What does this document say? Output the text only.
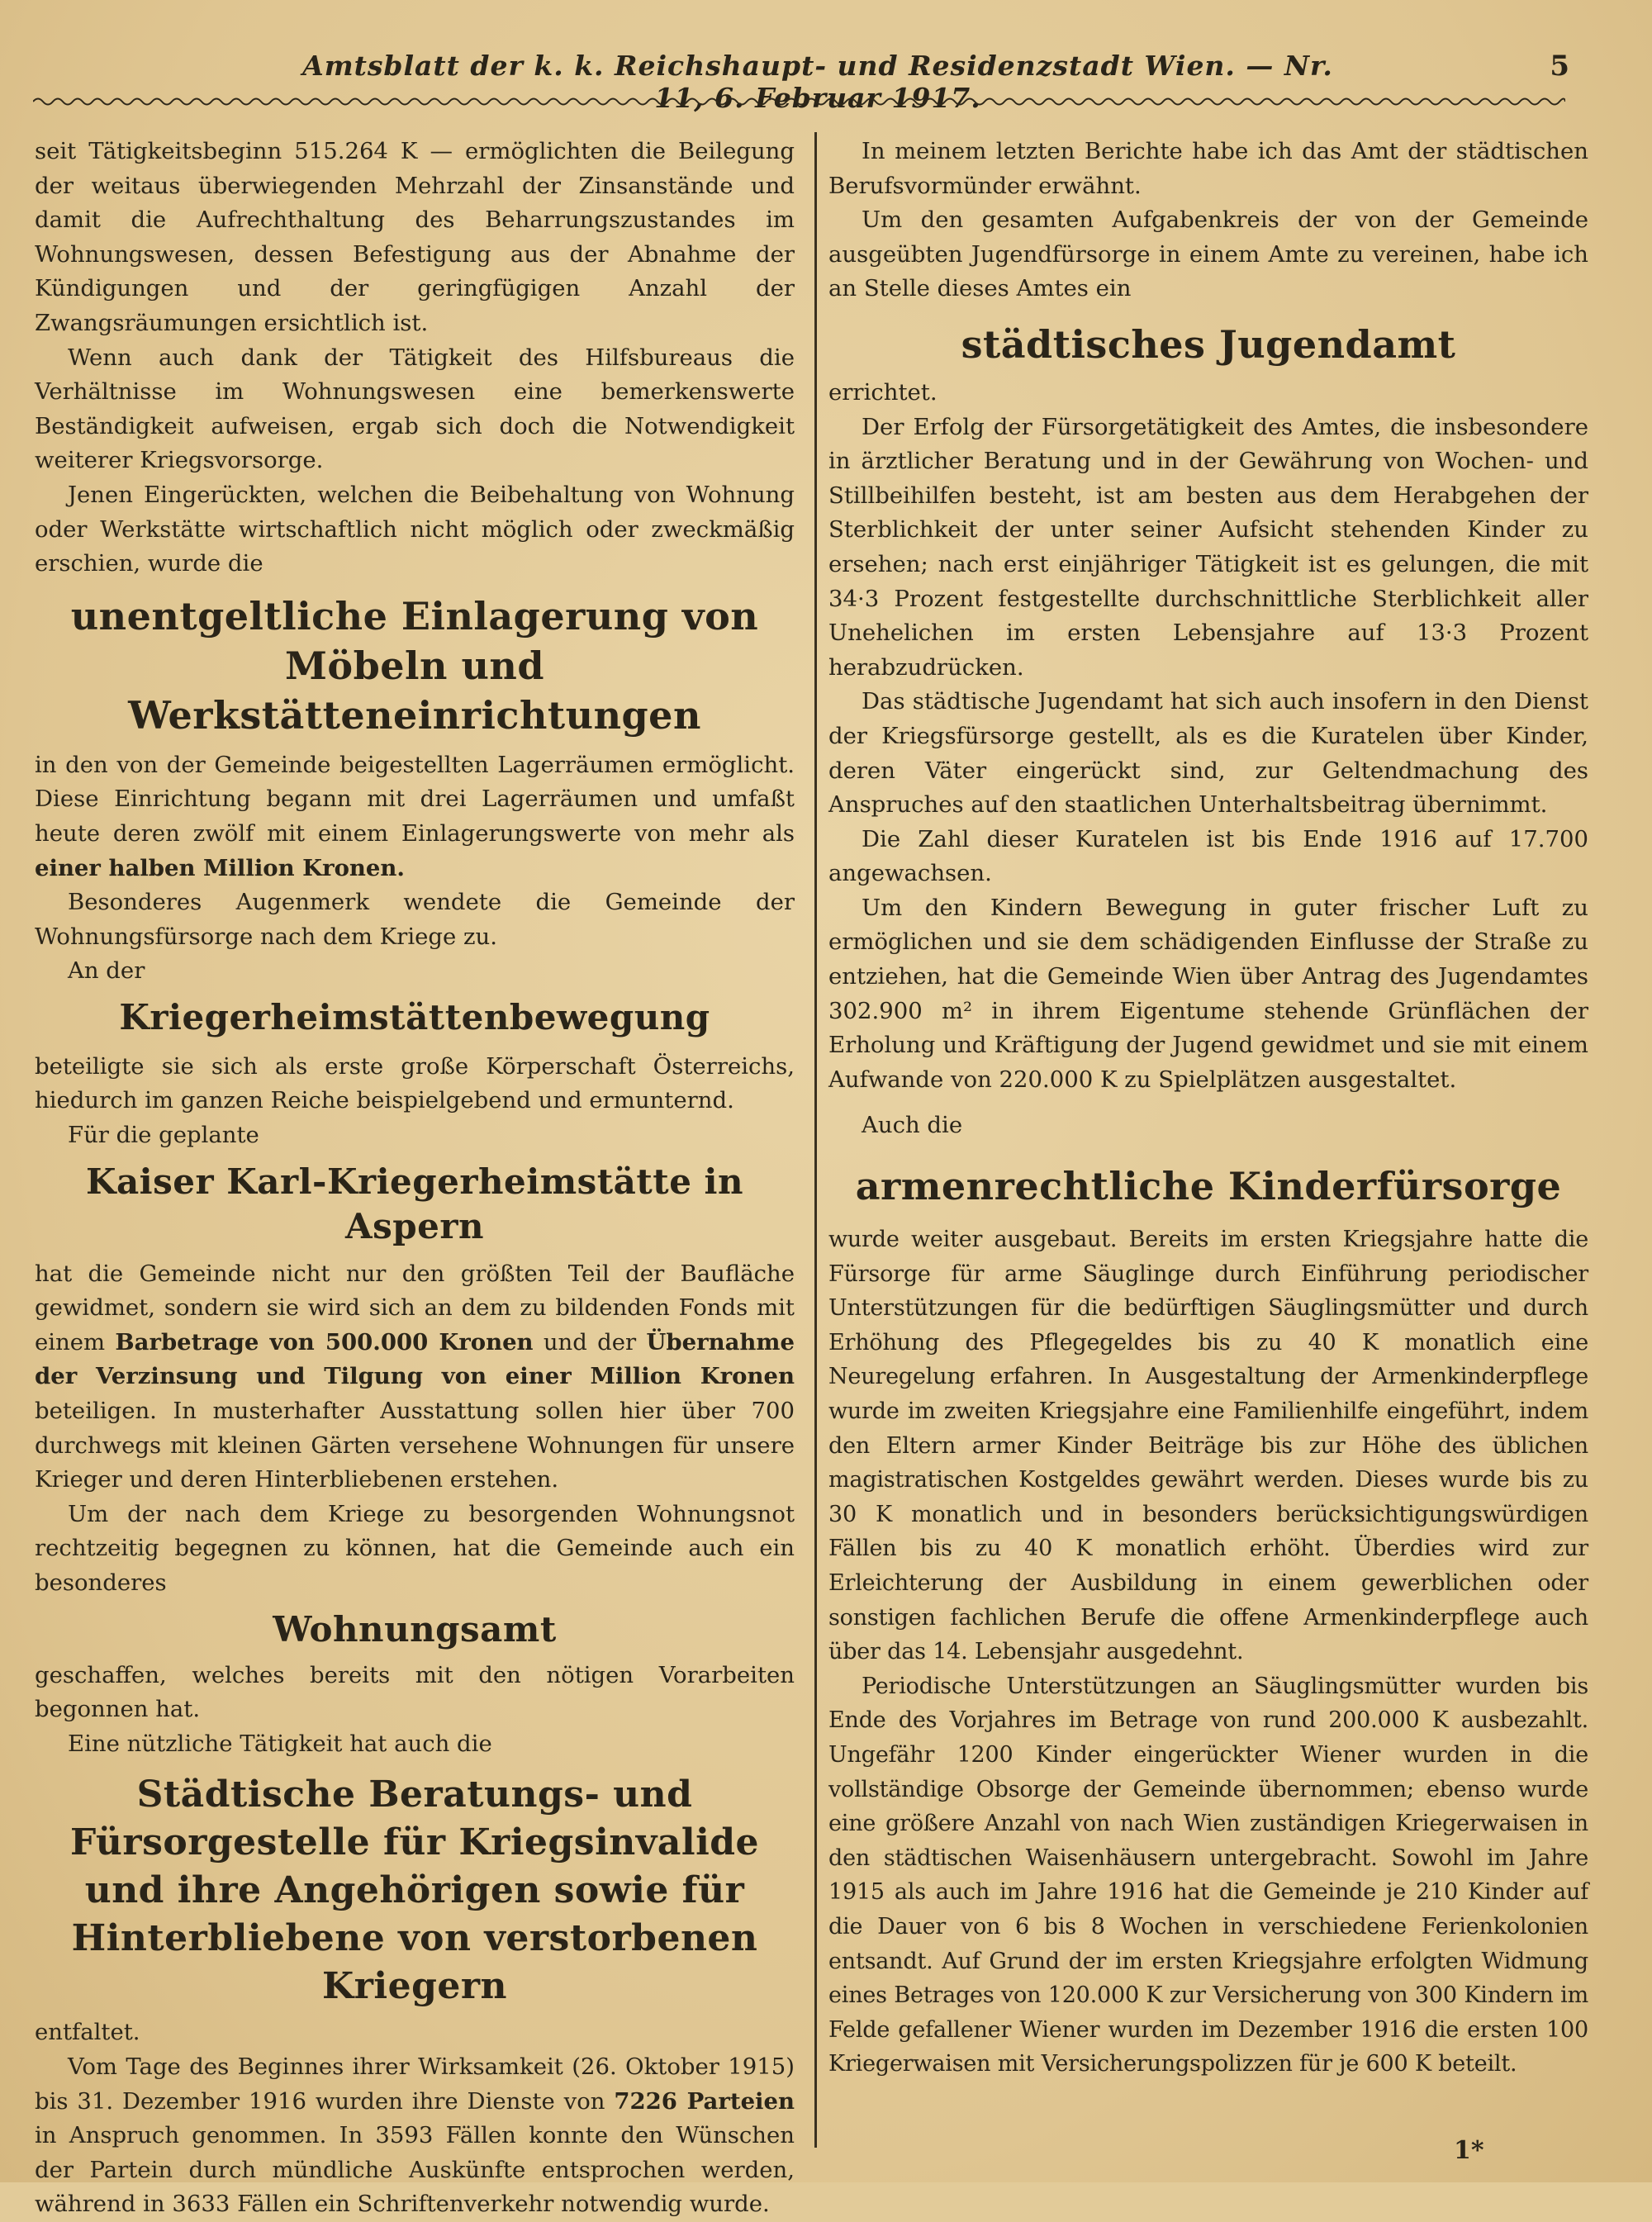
Amtsblatt der k. k. Reichshaupt- und Residenzstadt Wien. — Nr. 11, 6. Februar 1917.
5

seit Tätigkeitsbeginn 515.264 K — ermöglichten die Beilegung der weitaus überwiegenden Mehrzahl der Zinsanstände und damit die Aufrechthaltung des Beharrungszustandes im Wohnungswesen, dessen Befestigung aus der Abnahme der Kündigungen und der geringfügigen Anzahl der Zwangsräumungen ersichtlich ist.

Wenn auch dank der Tätigkeit des Hilfsbureaus die Verhältnisse im Wohnungswesen eine bemerkenswerte Beständigkeit aufweisen, ergab sich doch die Notwendigkeit weiterer Kriegsvorsorge.

Jenen Eingerückten, welchen die Beibehaltung von Wohnung oder Werkstätte wirtschaftlich nicht möglich oder zweckmäßig erschien, wurde die

unentgeltliche Einlagerung von Möbeln und Werkstätteneinrichtungen

in den von der Gemeinde beigestellten Lagerräumen ermöglicht. Diese Einrichtung begann mit drei Lagerräumen und umfaßt heute deren zwölf mit einem Einlagerungswerte von mehr als einer halben Million Kronen.

Besonderes Augenmerk wendete die Gemeinde der Wohnungsfürsorge nach dem Kriege zu.

An der

Kriegerheimstättenbewegung

beteiligte sie sich als erste große Körperschaft Österreichs, hiedurch im ganzen Reiche beispielgebend und ermunternd.

Für die geplante

Kaiser Karl-Kriegerheimstätte in Aspern

hat die Gemeinde nicht nur den größten Teil der Baufläche gewidmet, sondern sie wird sich an dem zu bildenden Fonds mit einem Barbetrage von 500.000 Kronen und der Übernahme der Verzinsung und Tilgung von einer Million Kronen beteiligen. In musterhafter Ausstattung sollen hier über 700 durchwegs mit kleinen Gärten versehene Wohnungen für unsere Krieger und deren Hinterbliebenen erstehen.

Um der nach dem Kriege zu besorgenden Wohnungsnot rechtzeitig begegnen zu können, hat die Gemeinde auch ein besonderes

Wohnungsamt

geschaffen, welches bereits mit den nötigen Vorarbeiten begonnen hat.

Eine nützliche Tätigkeit hat auch die

Städtische Beratungs- und Fürsorgestelle für Kriegsinvalide und ihre Angehörigen sowie für Hinterbliebene von verstorbenen Kriegern

entfaltet.

Vom Tage des Beginnes ihrer Wirksamkeit (26. Oktober 1915) bis 31. Dezember 1916 wurden ihre Dienste von 7226 Parteien in Anspruch genommen. In 3593 Fällen konnte den Wünschen der Partein durch mündliche Auskünfte entsprochen werden, während in 3633 Fällen ein Schriftenverkehr notwendig wurde.

In meinem letzten Berichte habe ich das Amt der städtischen Berufsvormünder erwähnt.

Um den gesamten Aufgabenkreis der von der Gemeinde ausgeübten Jugendfürsorge in einem Amte zu vereinen, habe ich an Stelle dieses Amtes ein

städtisches Jugendamt

errichtet.

Der Erfolg der Fürsorgetätigkeit des Amtes, die insbesondere in ärztlicher Beratung und in der Gewährung von Wochen- und Stillbeihilfen besteht, ist am besten aus dem Herabgehen der Sterblichkeit der unter seiner Aufsicht stehenden Kinder zu ersehen; nach erst einjähriger Tätigkeit ist es gelungen, die mit 34·3 Prozent festgestellte durchschnittliche Sterblichkeit aller Unehelichen im ersten Lebensjahre auf 13·3 Prozent herabzudrücken.

Das städtische Jugendamt hat sich auch insofern in den Dienst der Kriegsfürsorge gestellt, als es die Kuratelen über Kinder, deren Väter eingerückt sind, zur Geltendmachung des Anspruches auf den staatlichen Unterhaltsbeitrag übernimmt.

Die Zahl dieser Kuratelen ist bis Ende 1916 auf 17.700 angewachsen.

Um den Kindern Bewegung in guter frischer Luft zu ermöglichen und sie dem schädigenden Einflusse der Straße zu entziehen, hat die Gemeinde Wien über Antrag des Jugendamtes 302.900 m² in ihrem Eigentume stehende Grünflächen der Erholung und Kräftigung der Jugend gewidmet und sie mit einem Aufwande von 220.000 K zu Spielplätzen ausgestaltet.

Auch die

armenrechtliche Kinderfürsorge

wurde weiter ausgebaut. Bereits im ersten Kriegsjahre hatte die Fürsorge für arme Säuglinge durch Einführung periodischer Unterstützungen für die bedürftigen Säuglingsmütter und durch Erhöhung des Pflegegeldes bis zu 40 K monatlich eine Neuregelung erfahren. In Ausgestaltung der Armenkinderpflege wurde im zweiten Kriegsjahre eine Familienhilfe eingeführt, indem den Eltern armer Kinder Beiträge bis zur Höhe des üblichen magistratischen Kostgeldes gewährt werden. Dieses wurde bis zu 30 K monatlich und in besonders berücksichtigungswürdigen Fällen bis zu 40 K monatlich erhöht. Überdies wird zur Erleichterung der Ausbildung in einem gewerblichen oder sonstigen fachlichen Berufe die offene Armenkinderpflege auch über das 14. Lebensjahr ausgedehnt.

Periodische Unterstützungen an Säuglingsmütter wurden bis Ende des Vorjahres im Betrage von rund 200.000 K ausbezahlt. Ungefähr 1200 Kinder eingerückter Wiener wurden in die vollständige Obsorge der Gemeinde übernommen; ebenso wurde eine größere Anzahl von nach Wien zuständigen Kriegerwaisen in den städtischen Waisenhäusern untergebracht. Sowohl im Jahre 1915 als auch im Jahre 1916 hat die Gemeinde je 210 Kinder auf die Dauer von 6 bis 8 Wochen in verschiedene Ferienkolonien entsandt. Auf Grund der im ersten Kriegsjahre erfolgten Widmung eines Betrages von 120.000 K zur Versicherung von 300 Kindern im Felde gefallener Wiener wurden im Dezember 1916 die ersten 100 Kriegerwaisen mit Versicherungspolizzen für je 600 K beteilt.

1*
